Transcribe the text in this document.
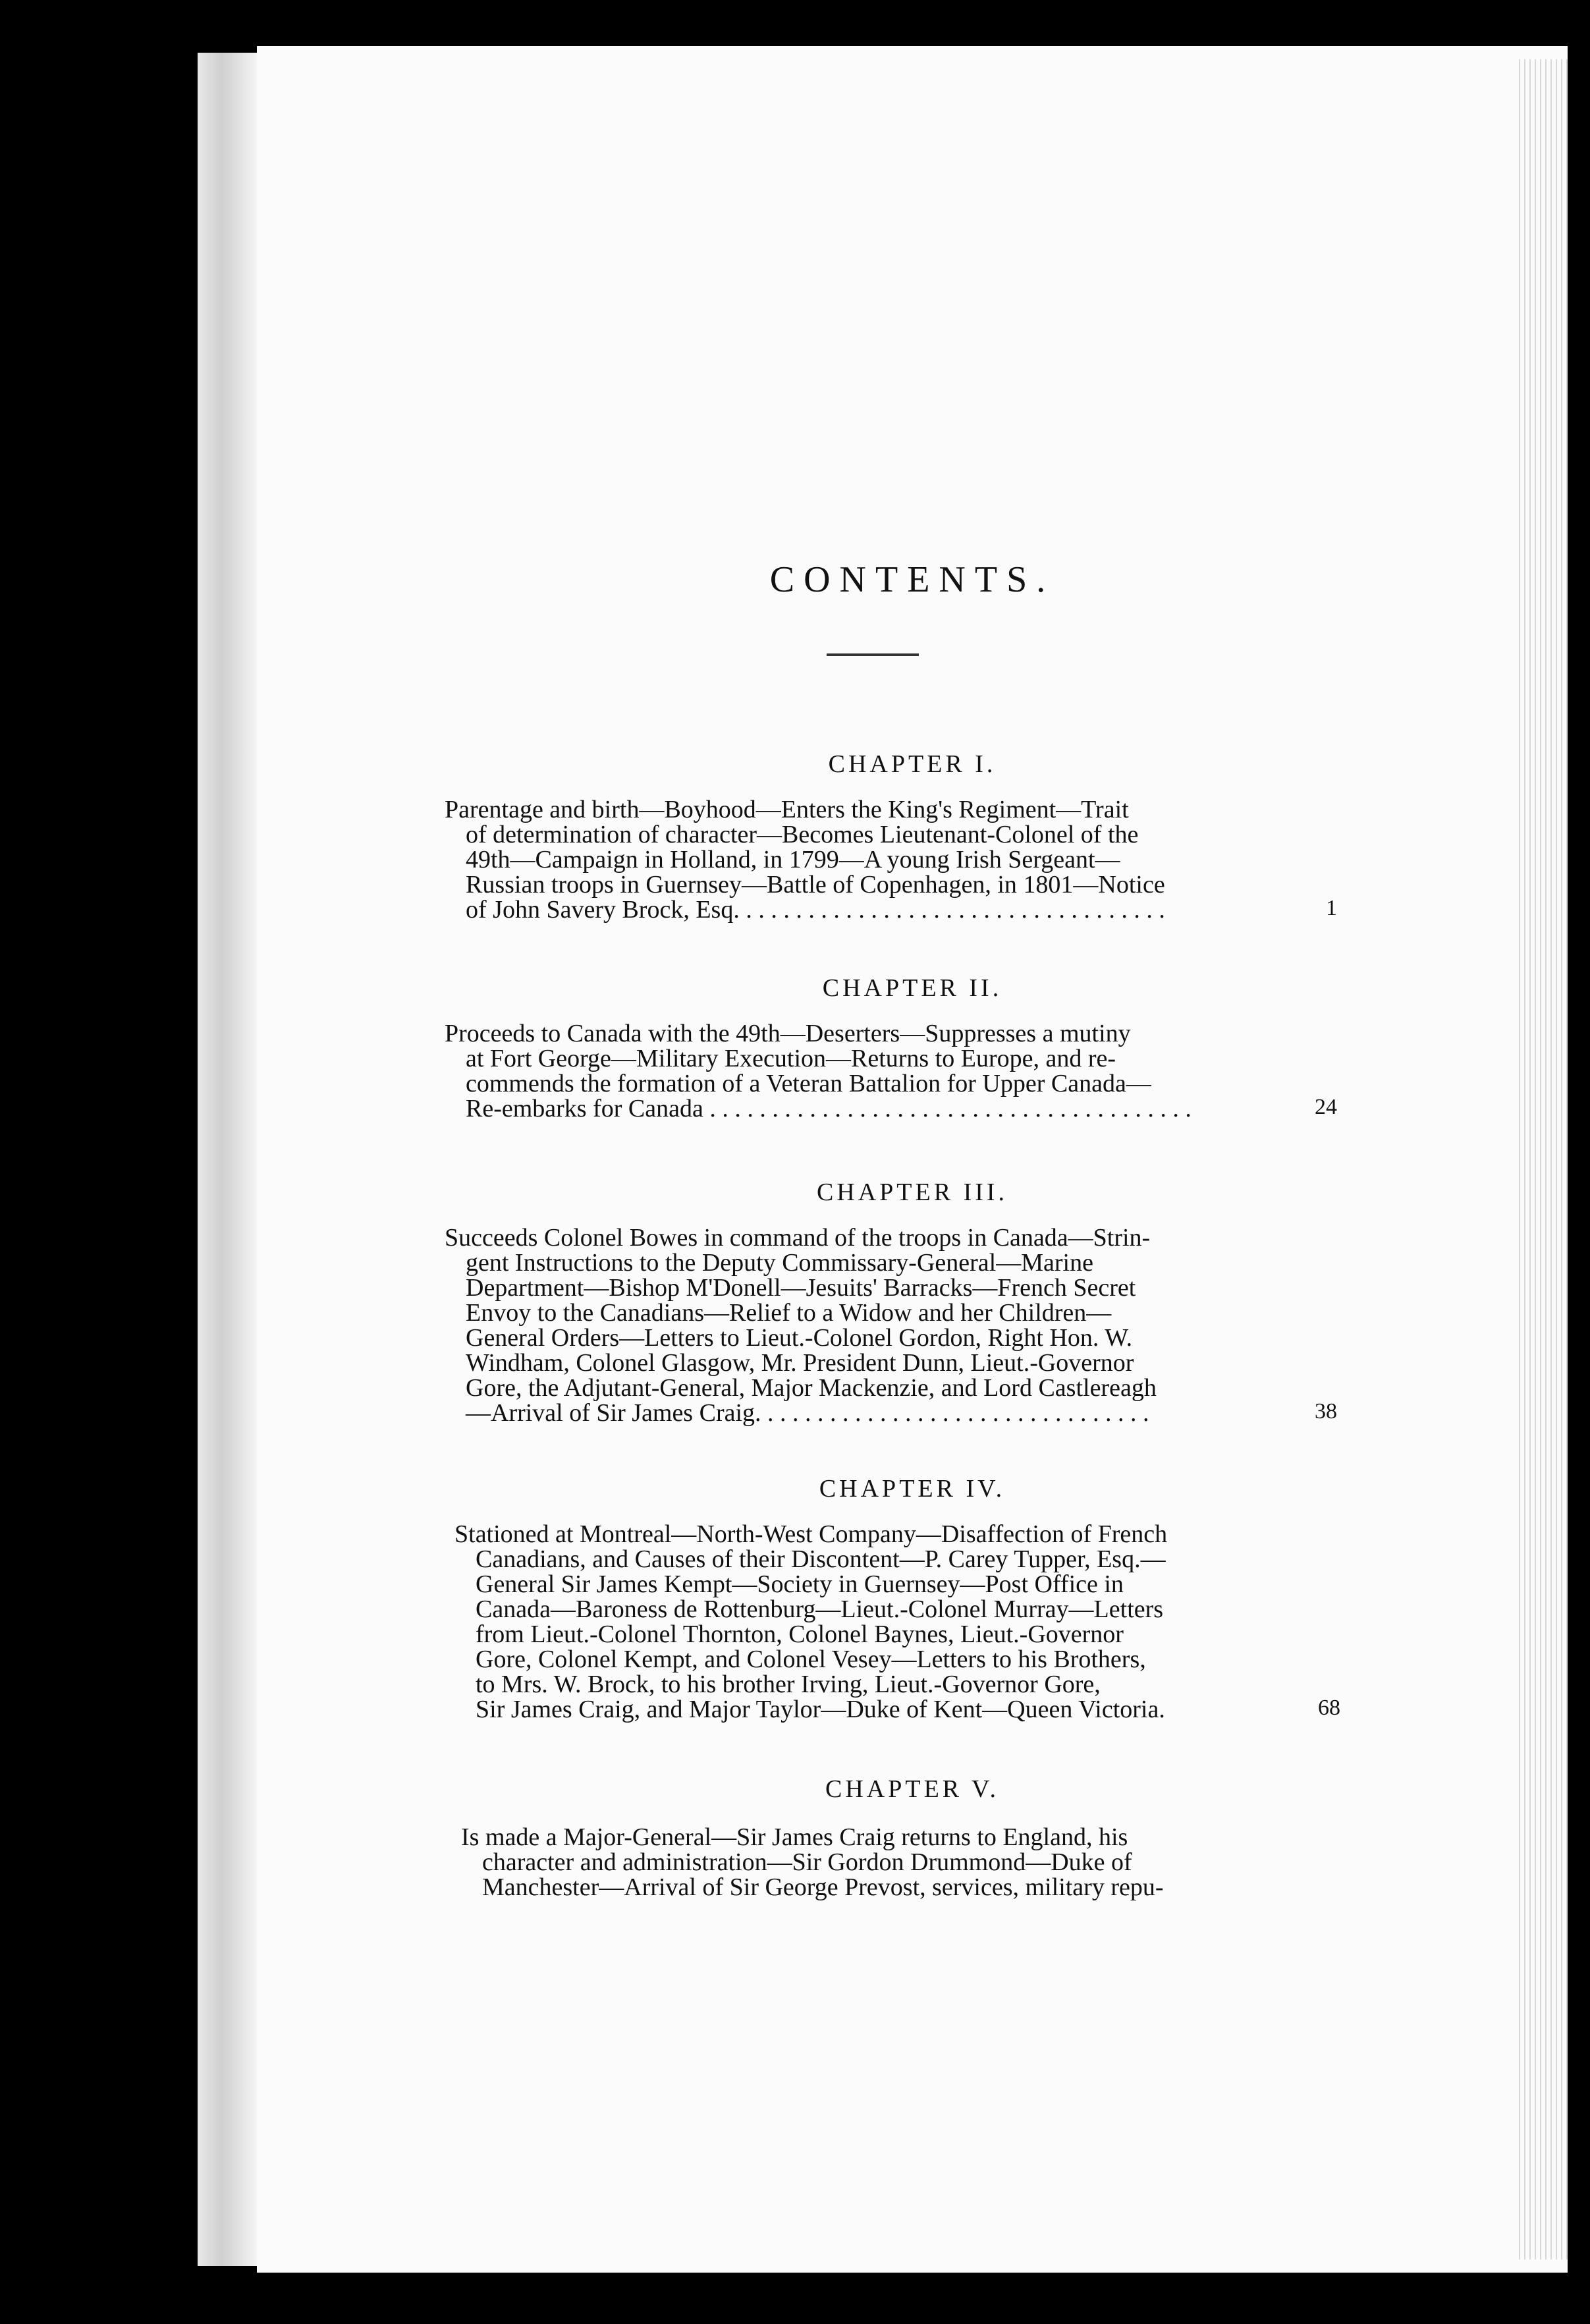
CONTENTS.
CHAPTER I.
Parentage and birth—Boyhood—Enters the King's Regiment—Trait
of determination of character—Becomes Lieutenant-Colonel of the
49th—Campaign in Holland, in 1799—A young Irish Sergeant—
Russian troops in Guernsey—Battle of Copenhagen, in 1801—Notice
of John Savery Brock, Esq. . . . . . . . . . . . . . . . . . . . . . . . . . . . . . . . . . .	1
CHAPTER II.
Proceeds to Canada with the 49th—Deserters—Suppresses a mutiny
at Fort George—Military Execution—Returns to Europe, and re-
commends the formation of a Veteran Battalion for Upper Canada—
Re-embarks for Canada . . . . . . . . . . . . . . . . . . . . . . . . . . . . . . . . . . . . . . .	24
CHAPTER III.
Succeeds Colonel Bowes in command of the troops in Canada—Strin-
gent Instructions to the Deputy Commissary-General—Marine
Department—Bishop M'Donell—Jesuits' Barracks—French Secret
Envoy to the Canadians—Relief to a Widow and her Children—
General Orders—Letters to Lieut.-Colonel Gordon, Right Hon. W.
Windham, Colonel Glasgow, Mr. President Dunn, Lieut.-Governor
Gore, the Adjutant-General, Major Mackenzie, and Lord Castlereagh
—Arrival of Sir James Craig. . . . . . . . . . . . . . . . . . . . . . . . . . . . . . . .	38
CHAPTER IV.
Stationed at Montreal—North-West Company—Disaffection of French
Canadians, and Causes of their Discontent—P. Carey Tupper, Esq.—
General Sir James Kempt—Society in Guernsey—Post Office in
Canada—Baroness de Rottenburg—Lieut.-Colonel Murray—Letters
from Lieut.-Colonel Thornton, Colonel Baynes, Lieut.-Governor
Gore, Colonel Kempt, and Colonel Vesey—Letters to his Brothers,
to Mrs. W. Brock, to his brother Irving, Lieut.-Governor Gore,
Sir James Craig, and Major Taylor—Duke of Kent—Queen Victoria.	68
CHAPTER V.
Is made a Major-General—Sir James Craig returns to England, his
character and administration—Sir Gordon Drummond—Duke of
Manchester—Arrival of Sir George Prevost, services, military repu-
